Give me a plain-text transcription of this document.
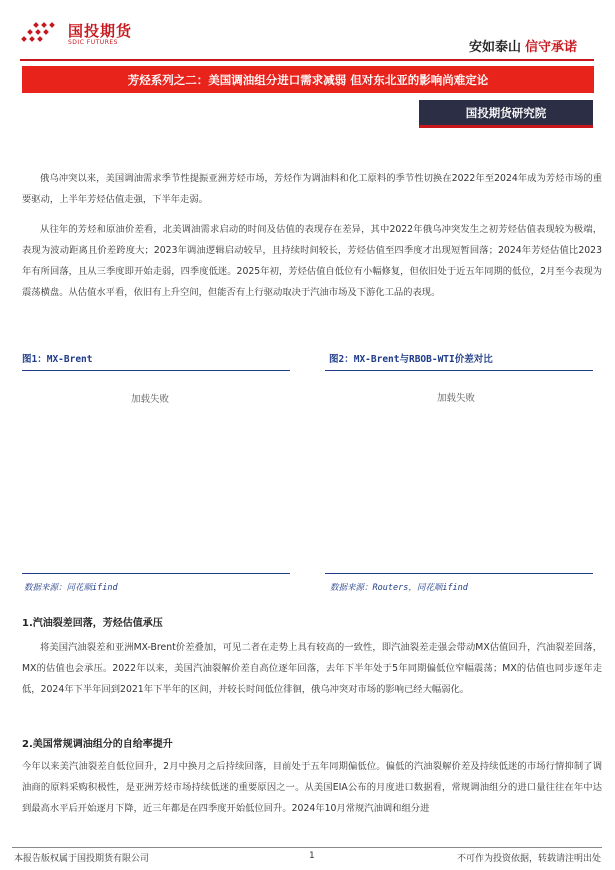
国投期货
SDIC FUTURES	安如泰山 信守承诺
芳烃系列之二：美国调油组分进口需求减弱 但对东北亚的影响尚难定论
国投期货研究院
俄乌冲突以来，美国调油需求季节性提振亚洲芳烃市场，芳烃作为调油料和化工原料的季节性切换在2022年至2024年成为芳烃市场的重要驱动，上半年芳烃估值走强，下半年走弱。
从往年的芳烃和原油价差看，北美调油需求启动的时间及估值的表现存在差异，其中2022年俄乌冲突发生之初芳烃估值表现较为极端，表现为波动距离且价差跨度大；2023年调油逻辑启动较早，且持续时间较长，芳烃估值至四季度才出现短暂回落；2024年芳烃估值比2023年有所回落，且从三季度即开始走弱，四季度低迷。2025年初，芳烃估值自低位有小幅修复，但依旧处于近五年同期的低位，2月至今表现为震荡横盘。从估值水平看，依旧有上升空间，但能否有上行驱动取决于汽油市场及下游化工品的表现。
图1：MX-Brent
加载失败
数据来源：同花顺ifind
图2：MX-Brent与RBOB-WTI价差对比
加载失败
数据来源：Routers，同花顺ifind
1.汽油裂差回落，芳烃估值承压
将美国汽油裂差和亚洲MX-Brent价差叠加，可见二者在走势上具有较高的一致性，即汽油裂差走强会带动MX估值回升，汽油裂差回落，MX的估值也会承压。2022年以来，美国汽油裂解价差自高位逐年回落，去年下半年处于5年同期偏低位窄幅震荡；MX的估值也同步逐年走低，2024年下半年回到2021年下半年的区间，并较长时间低位徘徊，俄乌冲突对市场的影响已经大幅弱化。
2.美国常规调油组分的自给率提升
今年以来美汽油裂差自低位回升，2月中换月之后持续回落，目前处于五年同期偏低位。偏低的汽油裂解价差及持续低迷的市场行情抑制了调油商的原料采购积极性，是亚洲芳烃市场持续低迷的重要原因之一。从美国EIA公布的月度进口数据看，常规调油组分的进口量往往在年中达到最高水平后开始逐月下降，近三年都是在四季度开始低位回升。2024年10月常规汽油调和组分进
本报告版权属于国投期货有限公司	1	不可作为投资依据，转载请注明出处
